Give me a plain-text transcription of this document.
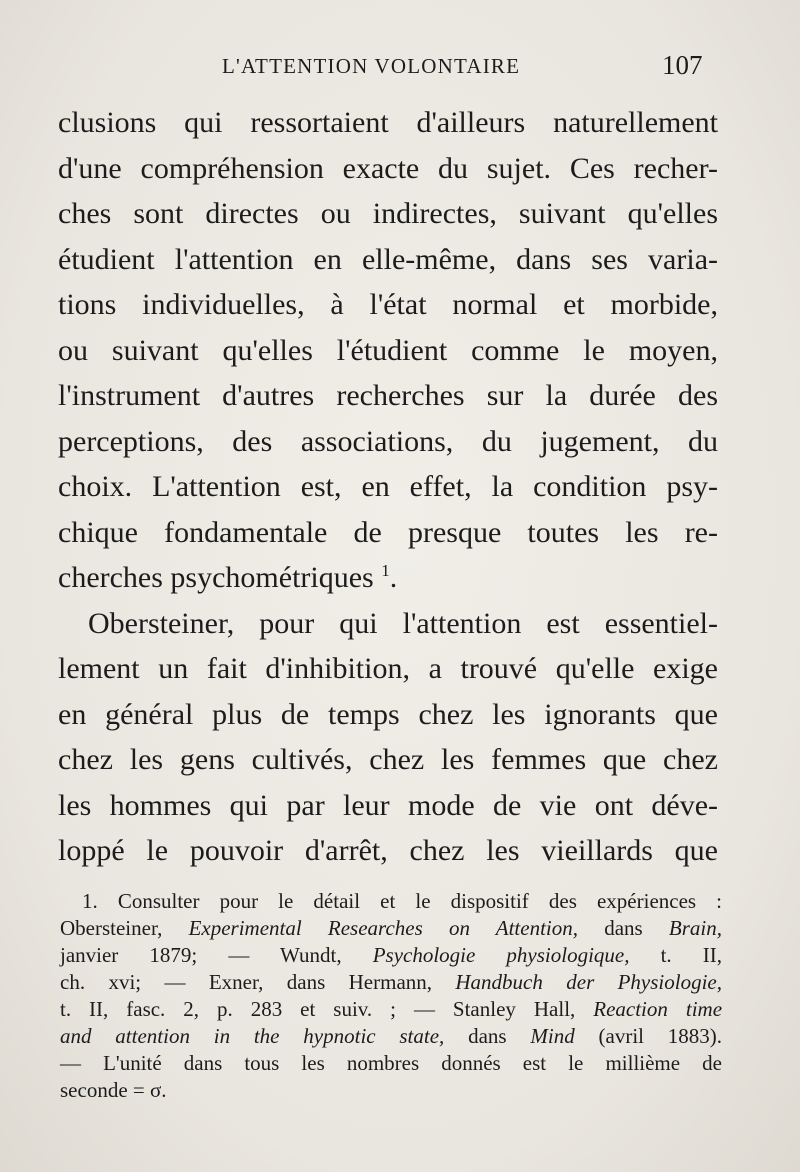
L'ATTENTION VOLONTAIRE	107
clusions qui ressortaient d'ailleurs naturellement
d'une compréhension exacte du sujet. Ces recher-
ches sont directes ou indirectes, suivant qu'elles
étudient l'attention en elle-même, dans ses varia-
tions individuelles, à l'état normal et morbide,
ou suivant qu'elles l'étudient comme le moyen,
l'instrument d'autres recherches sur la durée des
perceptions, des associations, du jugement, du
choix. L'attention est, en effet, la condition psy-
chique fondamentale de presque toutes les re-
cherches psychométriques $^1$.
Obersteiner, pour qui l'attention est essentiel-
lement un fait d'inhibition, a trouvé qu'elle exige
en général plus de temps chez les ignorants que
chez les gens cultivés, chez les femmes que chez
les hommes qui par leur mode de vie ont déve-
loppé le pouvoir d'arrêt, chez les vieillards que
1. Consulter pour le détail et le dispositif des expériences :
Obersteiner, Experimental Researches on Attention, dans Brain,
janvier 1879; — Wundt, Psychologie physiologique, t. II,
ch. xvi; — Exner, dans Hermann, Handbuch der Physiologie,
t. II, fasc. 2, p. 283 et suiv. ; — Stanley Hall, Reaction time
and attention in the hypnotic state, dans Mind (avril 1883).
— L'unité dans tous les nombres donnés est le millième de
seconde = σ.
